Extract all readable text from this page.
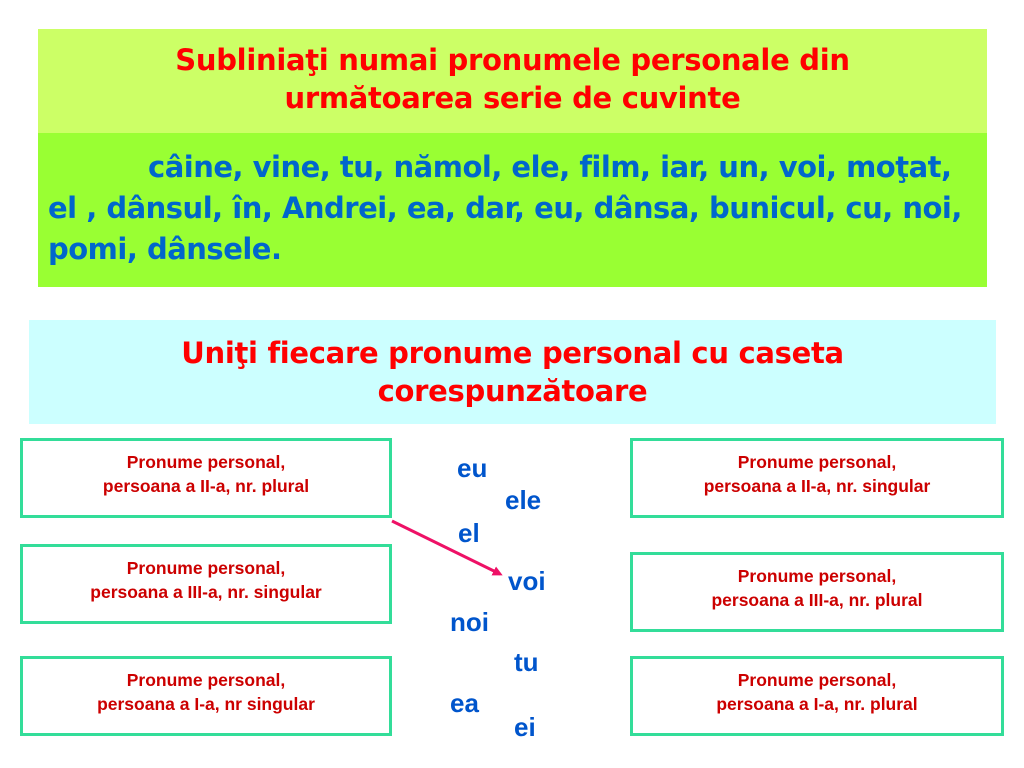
Subliniaţi numai pronumele personale din
următoarea serie de cuvinte
câine, vine, tu, nămol, ele, film, iar, un, voi, moţat, el , dânsul, în, Andrei, ea, dar, eu, dânsa, bunicul, cu, noi, pomi, dânsele.
Uniţi fiecare pronume personal cu caseta
corespunzătoare
Pronume personal,
persoana a II-a, nr. plural
Pronume personal,
persoana a III-a, nr. singular
Pronume personal,
persoana a I-a, nr singular
Pronume personal,
persoana a II-a, nr. singular
Pronume personal,
persoana a III-a, nr. plural
Pronume personal,
persoana a I-a, nr. plural
eu
ele
el
voi
noi
tu
ea
ei
